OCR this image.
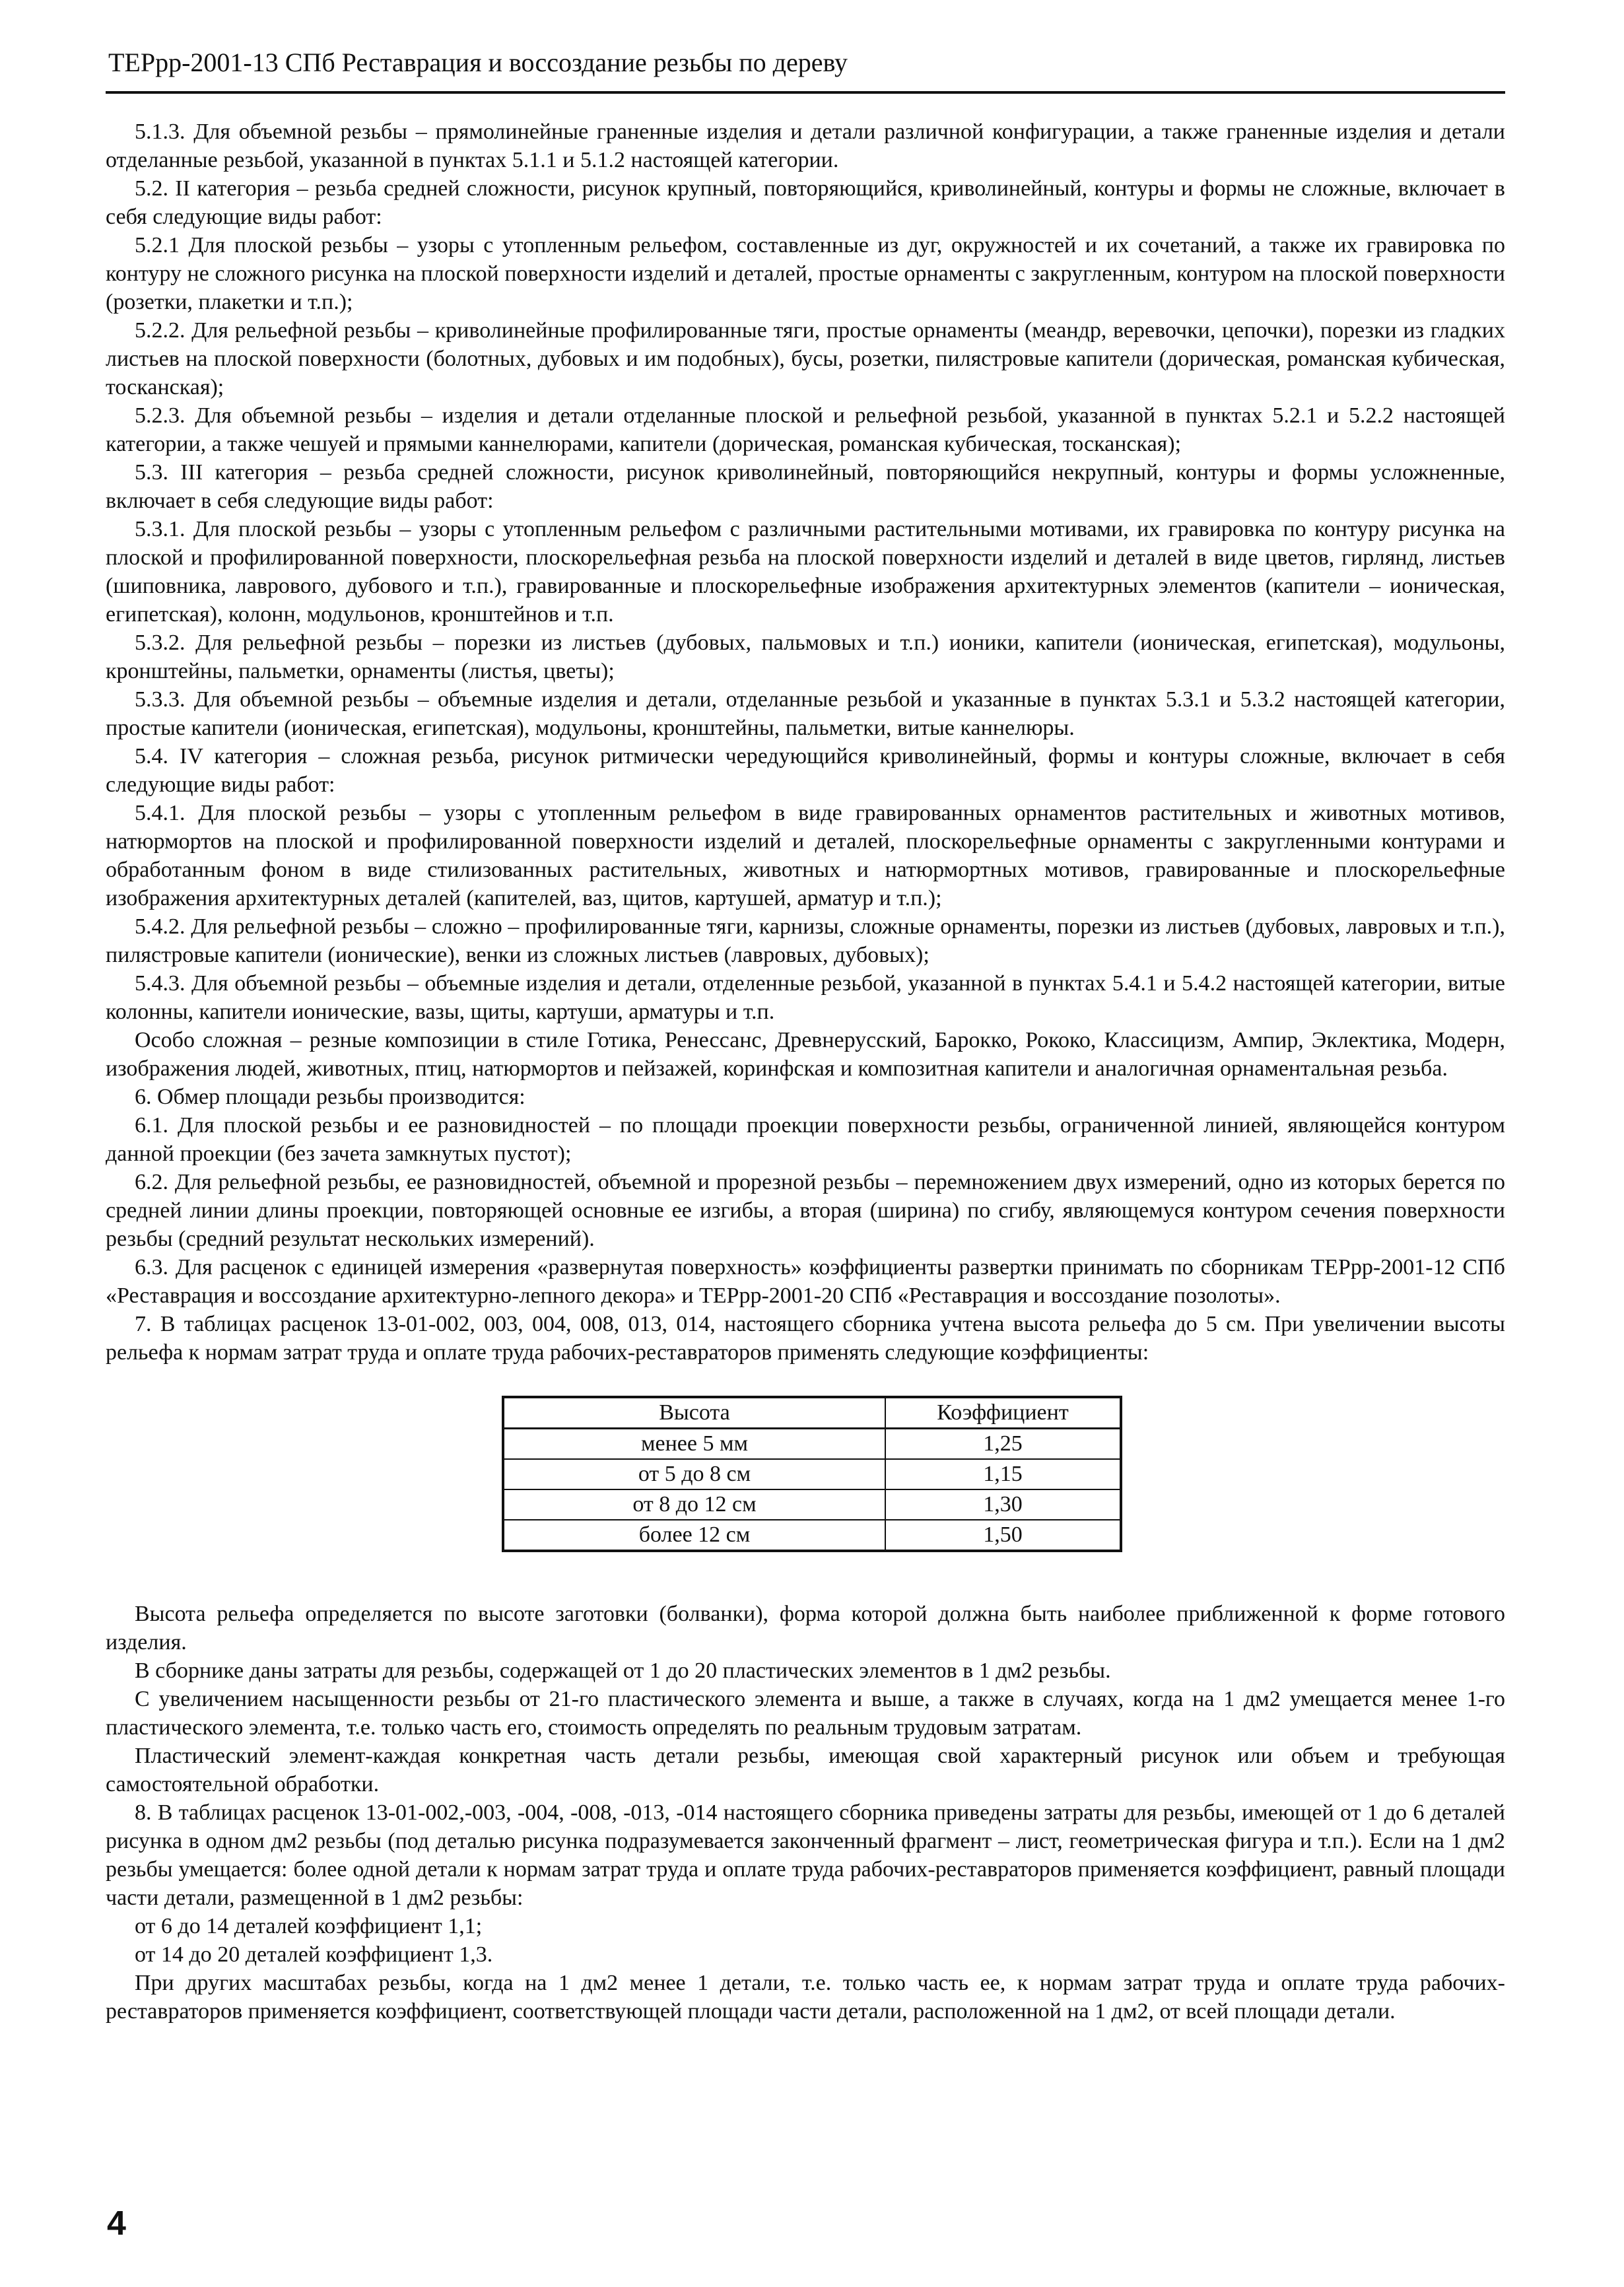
ТЕРрр-2001-13 СПб Реставрация и воссоздание резьбы по дереву

5.1.3. Для объемной резьбы – прямолинейные граненные изделия и детали различной конфигурации, а также граненные изделия и детали отделанные резьбой, указанной в пунктах 5.1.1 и 5.1.2 настоящей категории.

5.2. II категория – резьба средней сложности, рисунок крупный, повторяющийся, криволинейный, контуры и формы не сложные, включает в себя следующие виды работ:

5.2.1 Для плоской резьбы – узоры с утопленным рельефом, составленные из дуг, окружностей и их сочетаний, а также их гравировка по контуру не сложного рисунка на плоской поверхности изделий и деталей, простые орнаменты с закругленным, контуром на плоской поверхности (розетки, плакетки и т.п.);

5.2.2. Для рельефной резьбы – криволинейные профилированные тяги, простые орнаменты (меандр, веревочки, цепочки), порезки из гладких листьев на плоской поверхности (болотных, дубовых и им подобных), бусы, розетки, пилястровые капители (дорическая, романская кубическая, тосканская);

5.2.3. Для объемной резьбы – изделия и детали отделанные плоской и рельефной резьбой, указанной в пунктах 5.2.1 и 5.2.2 настоящей категории, а также чешуей и прямыми каннелюрами, капители (дорическая, романская кубическая, тосканская);

5.3. III категория – резьба средней сложности, рисунок криволинейный, повторяющийся некрупный, контуры и формы усложненные, включает в себя следующие виды работ:

5.3.1. Для плоской резьбы – узоры с утопленным рельефом с различными растительными мотивами, их гравировка по контуру рисунка на плоской и профилированной поверхности, плоскорельефная резьба на плоской поверхности изделий и деталей в виде цветов, гирлянд, листьев (шиповника, лаврового, дубового и т.п.), гравированные и плоскорельефные изображения архитектурных элементов (капители – ионическая, египетская), колонн, модульонов, кронштейнов и т.п.

5.3.2. Для рельефной резьбы – порезки из листьев (дубовых, пальмовых и т.п.) ионики, капители (ионическая, египетская), модульоны, кронштейны, пальметки, орнаменты (листья, цветы);

5.3.3. Для объемной резьбы – объемные изделия и детали, отделанные резьбой и указанные в пунктах 5.3.1 и 5.3.2 настоящей категории, простые капители (ионическая, египетская), модульоны, кронштейны, пальметки, витые каннелюры.

5.4. IV категория – сложная резьба, рисунок ритмически чередующийся криволинейный, формы и контуры сложные, включает в себя следующие виды работ:

5.4.1. Для плоской резьбы – узоры с утопленным рельефом в виде гравированных орнаментов растительных и животных мотивов, натюрмортов на плоской и профилированной поверхности изделий и деталей, плоскорельефные орнаменты с закругленными контурами и обработанным фоном в виде стилизованных растительных, животных и натюрмортных мотивов, гравированные и плоскорельефные изображения архитектурных деталей (капителей, ваз, щитов, картушей, арматур и т.п.);

5.4.2. Для рельефной резьбы – сложно – профилированные тяги, карнизы, сложные орнаменты, порезки из листьев (дубовых, лавровых и т.п.), пилястровые капители (ионические), венки из сложных листьев (лавровых, дубовых);

5.4.3. Для объемной резьбы – объемные изделия и детали, отделенные резьбой, указанной в пунктах 5.4.1 и 5.4.2 настоящей категории, витые колонны, капители ионические, вазы, щиты, картуши, арматуры и т.п.

Особо сложная – резные композиции в стиле Готика, Ренессанс, Древнерусский, Барокко, Рококо, Классицизм, Ампир, Эклектика, Модерн, изображения людей, животных, птиц, натюрмортов и пейзажей, коринфская и композитная капители и аналогичная орнаментальная резьба.

6. Обмер площади резьбы производится:

6.1. Для плоской резьбы и ее разновидностей – по площади проекции поверхности резьбы, ограниченной линией, являющейся контуром данной проекции (без зачета замкнутых пустот);

6.2. Для рельефной резьбы, ее разновидностей, объемной и прорезной резьбы – перемножением двух измерений, одно из которых берется по средней линии длины проекции, повторяющей основные ее изгибы, а вторая (ширина) по сгибу, являющемуся контуром сечения поверхности резьбы (средний результат нескольких измерений).

6.3. Для расценок с единицей измерения «развернутая поверхность» коэффициенты развертки принимать по сборникам ТЕРрр-2001-12 СПб «Реставрация и воссоздание архитектурно-лепного декора» и ТЕРрр-2001-20 СПб «Реставрация и воссоздание позолоты».

7. В таблицах расценок 13-01-002, 003, 004, 008, 013, 014, настоящего сборника учтена высота рельефа до 5 см. При увеличении высоты рельефа к нормам затрат труда и оплате труда рабочих-реставраторов применять следующие коэффициенты:

Высота	Коэффициент
менее 5 мм	1,25
от 5 до 8 см	1,15
от 8 до 12 см	1,30
более 12 см	1,50

Высота рельефа определяется по высоте заготовки (болванки), форма которой должна быть наиболее приближенной к форме готового изделия.

В сборнике даны затраты для резьбы, содержащей от 1 до 20 пластических элементов в 1 дм2 резьбы.

С увеличением насыщенности резьбы от 21-го пластического элемента и выше, а также в случаях, когда на 1 дм2 умещается менее 1-го пластического элемента, т.е. только часть его, стоимость определять по реальным трудовым затратам.

Пластический элемент-каждая конкретная часть детали резьбы, имеющая свой характерный рисунок или объем и требующая самостоятельной обработки.

8. В таблицах расценок 13-01-002,-003, -004, -008, -013, -014 настоящего сборника приведены затраты для резьбы, имеющей от 1 до 6 деталей рисунка в одном дм2 резьбы (под деталью рисунка подразумевается законченный фрагмент – лист, геометрическая фигура и т.п.). Если на 1 дм2 резьбы умещается: более одной детали к нормам затрат труда и оплате труда рабочих-реставраторов применяется коэффициент, равный площади части детали, размещенной в 1 дм2 резьбы:

от 6 до 14 деталей коэффициент 1,1;

от 14 до 20 деталей коэффициент 1,3.

При других масштабах резьбы, когда на 1 дм2 менее 1 детали, т.е. только часть ее, к нормам затрат труда и оплате труда рабочих-реставраторов применяется коэффициент, соответствующей площади части детали, расположенной на 1 дм2, от всей площади детали.

4
